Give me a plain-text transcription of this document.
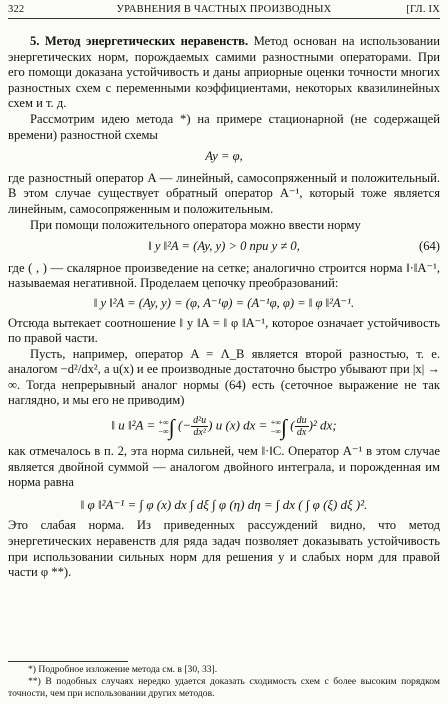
322	УРАВНЕНИЯ В ЧАСТНЫХ ПРОИЗВОДНЫХ	[ГЛ. IX

5. Метод энергетических неравенств. Метод основан на использовании энергетических норм, порождаемых самими разностными операторами. При его помощи доказана устойчивость и даны априорные оценки точности многих разностных схем с переменными коэффициентами, некоторых квазилинейных схем и т. д.

Рассмотрим идею метода *) на примере стационарной (не содержащей времени) разностной схемы

Ay = φ,

где разностный оператор A — линейный, самосопряженный и положительный. В этом случае существует обратный оператор A⁻¹, который тоже является линейным, самосопряженным и положительным.

При помощи положительного оператора можно ввести норму

‖ y ‖²A = (Ay, y) > 0 при y ≠ 0,	(64)

где ( , ) — скалярное произведение на сетке; аналогично строится норма ‖·‖A⁻¹, называемая негативной. Проделаем цепочку преобразований:

‖ y ‖²A = (Ay, y) = (φ, A⁻¹φ) = (A⁻¹φ, φ) = ‖ φ ‖²A⁻¹.

Отсюда вытекает соотношение ‖ y ‖A = ‖ φ ‖A⁻¹, которое означает устойчивость по правой части.

Пусть, например, оператор A = Λ_B является второй разностью, т. е. аналогом −d²/dx², а u(x) и ее производные достаточно быстро убывают при |x| → ∞. Тогда непрерывный аналог нормы (64) есть (сеточное выражение не так наглядно, и мы его не приводим)

‖ u ‖²A = +∞
−∞∫ (− $\frac{\text{d²u}}{\text{dx²}}$ ) u (x) dx = +∞
−∞∫ ( $\frac{du}{dx} )^2$ dx;

как отмечалось в п. 2, эта норма сильней, чем ‖·‖C. Оператор A⁻¹ в этом случае является двойной суммой — аналогом двойного интеграла, и порожденная им норма равна

‖ φ ‖²A⁻¹ = ∫ φ (x) dx ∫ dξ ∫ φ (η) dη = ∫ dx ( ∫ φ (ξ) dξ )².

Это слабая норма. Из приведенных рассуждений видно, что метод энергетических неравенств для ряда задач позволяет доказывать устойчивость при использовании сильных норм для решения y и слабых норм для правой части φ **).

*) Подробное изложение метода см. в [30, 33].

**) В подобных случаях нередко удается доказать сходимость схем с более высоким порядком точности, чем при использовании других методов.
